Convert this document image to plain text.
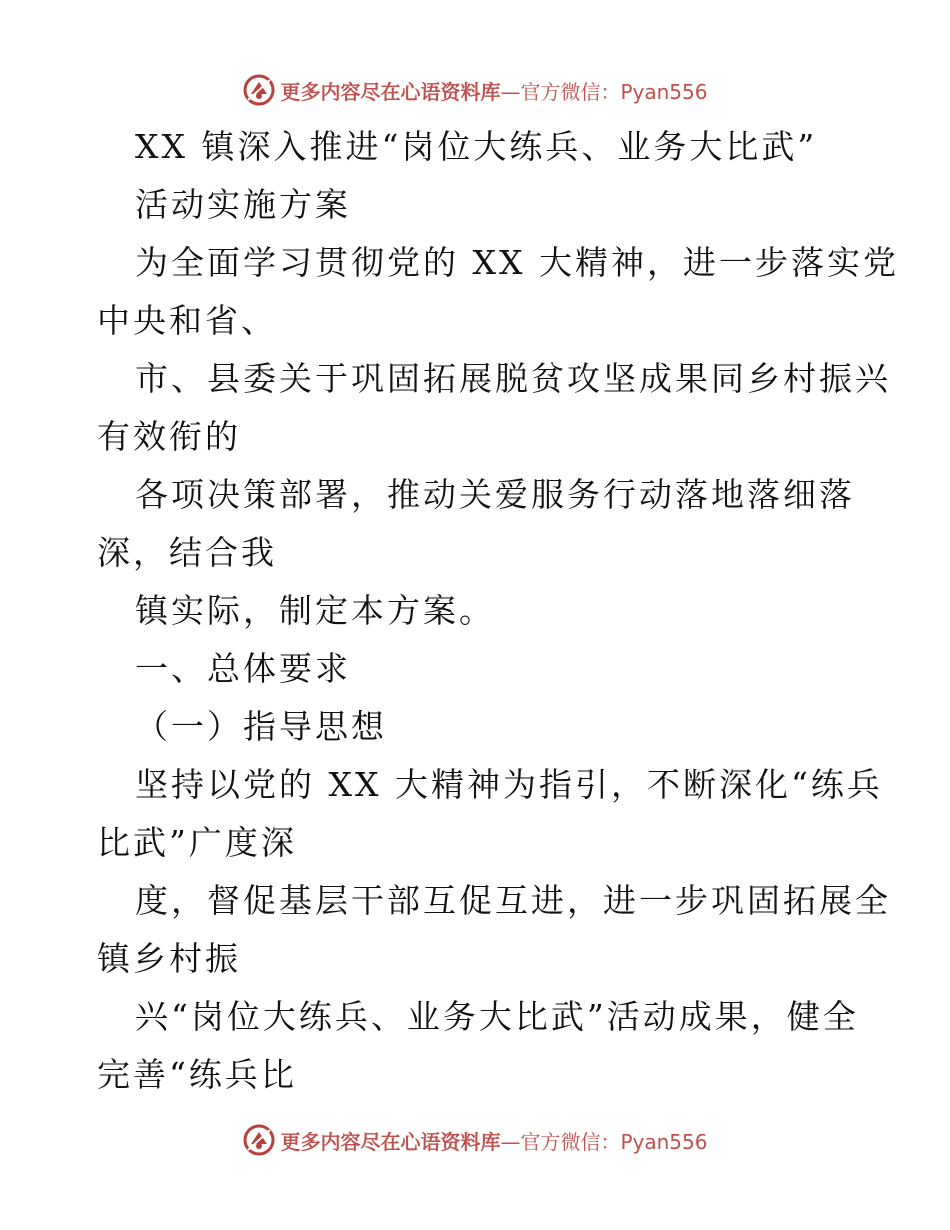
更多内容尽在心语资料库—官方微信：Pyan556
XX 镇深入推进“岗位大练兵、业务大比武”
活动实施方案
为全面学习贯彻党的 XX 大精神，进一步落实党
中央和省、
市、县委关于巩固拓展脱贫攻坚成果同乡村振兴
有效衔的
各项决策部署，推动关爱服务行动落地落细落
深，结合我
镇实际，制定本方案。
一、总体要求
（一）指导思想
坚持以党的 XX 大精神为指引，不断深化“练兵
比武”广度深
度，督促基层干部互促互进，进一步巩固拓展全
镇乡村振
兴“岗位大练兵、业务大比武”活动成果，健全
完善“练兵比
更多内容尽在心语资料库—官方微信：Pyan556
